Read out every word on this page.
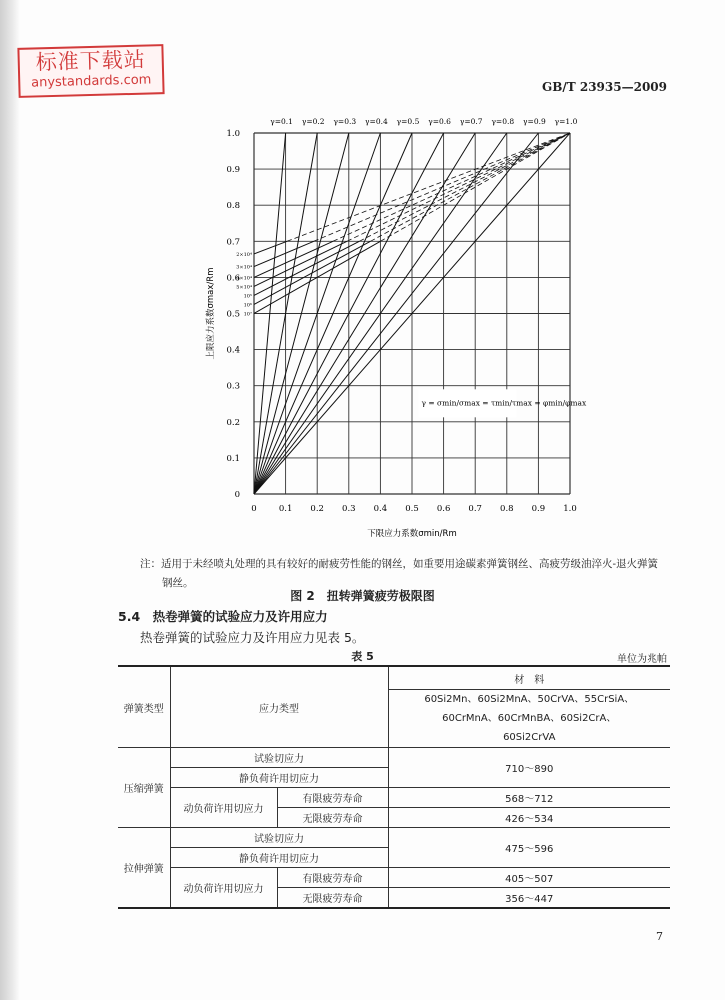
标准下载站
anystandards.com	GB/T 23935—2009
0	0.1 0.2 0.3 0.4 0.5 0.6 0.7 0.8 0.9 1.0
0
0.1
0.2
0.3
0.4
0.5
0.6
0.7
0.8
0.9
1.0
γ=0.1 γ=0.2 γ=0.3 γ=0.4 γ=0.5 γ=0.6 γ=0.7 γ=0.8 γ=0.9 γ=1.0
2×10⁴
3×10⁴
4×10⁴
5×10⁴
10⁵
10⁶
10⁷
γ = σmin/σmax = τmin/τmax = φmin/φmax
下限应力系数σmin/Rm
上限应力系数σmax/Rm
注：适用于未经喷丸处理的具有较好的耐疲劳性能的钢丝，如重要用途碳素弹簧钢丝、高疲劳级油淬火-退火弹簧
钢丝。
图 2　扭转弹簧疲劳极限图
5.4　 热卷弹簧的试验应力及许用应力
热卷弹簧的试验应力及许用应力见表 5。
表 5	单位为兆帕
弹簧类型	应力类型		材　料
			60Si2Mn、60Si2MnA、50CrVA、55CrSiA、60CrMnA、60CrMnBA、60Si2CrA、60Si2CrVA
压缩弹簧	试验切应力		710～890
	静负荷许用切应力		
	动负荷许用切应力	有限疲劳寿命	568～712
		无限疲劳寿命	426～534
拉伸弹簧	试验切应力		475～596
	静负荷许用切应力		
	动负荷许用切应力	有限疲劳寿命	405～507
		无限疲劳寿命	356～447
7
